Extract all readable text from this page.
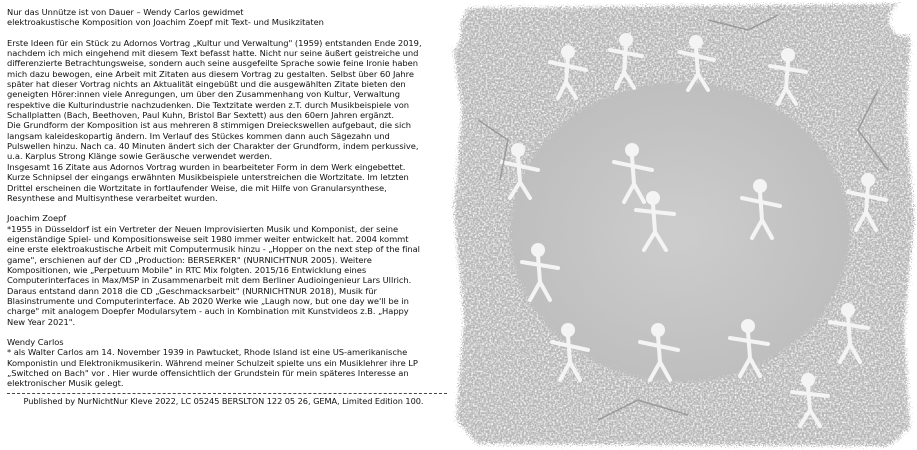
Nur das Unnütze ist von Dauer – Wendy Carlos gewidmet

elektroakustische Komposition von Joachim Zoepf mit Text- und Musikzitaten

Erste Ideen für ein Stück zu Adornos Vortrag „Kultur und Verwaltung" (1959) entstanden Ende 2019,
nachdem ich mich eingehend mit diesem Text befasst hatte. Nicht nur seine äußert geistreiche und
differenzierte Betrachtungsweise, sondern auch seine ausgefeilte Sprache sowie feine Ironie haben
mich dazu bewogen, eine Arbeit mit Zitaten aus diesem Vortrag zu gestalten. Selbst über 60 Jahre
später hat dieser Vortrag nichts an Aktualität eingebüßt und die ausgewählten Zitate bieten den
geneigten Hörer:innen viele Anregungen, um über den Zusammenhang von Kultur, Verwaltung
respektive die Kulturindustrie nachzudenken. Die Textzitate werden z.T. durch Musikbeispiele von
Schallplatten (Bach, Beethoven, Paul Kuhn, Bristol Bar Sextett) aus den 60ern Jahren ergänzt.
Die Grundform der Komposition ist aus mehreren 8 stimmigen Dreieckswellen aufgebaut, die sich
langsam kaleideskopartig ändern. Im Verlauf des Stückes kommen dann auch Sägezahn und
Pulswellen hinzu. Nach ca. 40 Minuten ändert sich der Charakter der Grundform, indem perkussive,
u.a. Karplus Strong Klänge sowie Geräusche verwendet werden.
Insgesamt 16 Zitate aus Adornos Vortrag wurden in bearbeiteter Form in dem Werk eingebettet.
Kurze Schnipsel der eingangs erwähnten Musikbeispiele unterstreichen die Wortzitate. Im letzten
Drittel erscheinen die Wortzitate in fortlaufender Weise, die mit Hilfe von Granularsynthese,
Resynthese and Multisynthese verarbeitet wurden.

Joachim Zoepf

*1955 in Düsseldorf ist ein Vertreter der Neuen Improvisierten Musik und Komponist, der seine
eigenständige Spiel- und Kompositionsweise seit 1980 immer weiter entwickelt hat. 2004 kommt
eine erste elektroakustische Arbeit mit Computermusik hinzu - „Hopper on the next step of the final
game", erschienen auf der CD „Production: BERSERKER" (NURNICHTNUR 2005). Weitere
Kompositionen, wie „Perpetuum Mobile" in RTC Mix folgten. 2015/16 Entwicklung eines
Computerinterfaces in Max/MSP in Zusammenarbeit mit dem Berliner Audioingenieur Lars Ullrich.
Daraus entstand dann 2018 die CD „Geschmacksarbeit" (NURNICHTNUR 2018), Musik für
Blasinstrumente und Computerinterface. Ab 2020 Werke wie „Laugh now, but one day we'll be in
charge" mit analogem Doepfer Modularsytem - auch in Kombination mit Kunstvideos z.B. „Happy
New Year 2021".

Wendy Carlos

* als Walter Carlos am 14. November 1939 in Pawtucket, Rhode Island ist eine US-amerikanische
Komponistin und Elektronikmusikerin. Während meiner Schulzeit spielte uns ein Musiklehrer ihre LP
„Switched on Bach" vor . Hier wurde offensichtlich der Grundstein für mein späteres Interesse an
elektronischer Musik gelegt.

Published by NurNichtNur Kleve 2022, LC 05245 BERSLTON 122 05 26, GEMA, Limited Edition 100.
